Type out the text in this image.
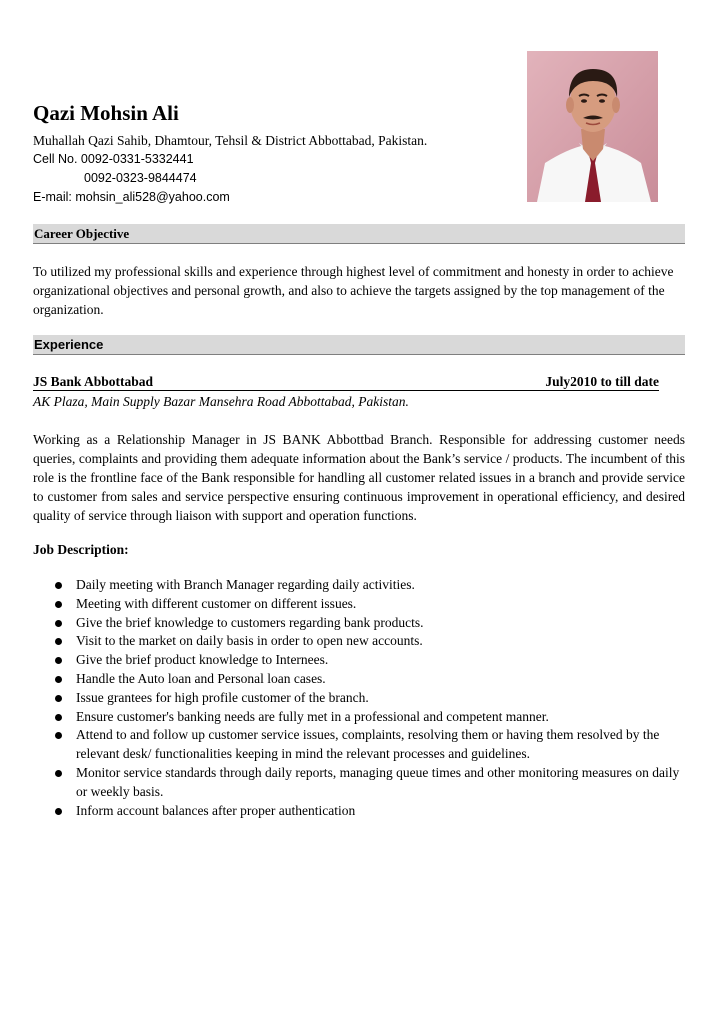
Qazi Mohsin Ali
Muhallah Qazi Sahib, Dhamtour, Tehsil & District Abbottabad, Pakistan.
Cell No. 0092-0331-5332441
0092-0323-9844474
E-mail: mohsin_ali528@yahoo.com
Career Objective

To utilized my professional skills and experience through highest level of commitment and honesty in order to achieve organizational objectives and personal growth, and also to achieve the targets assigned by the top management of the organization.

Experience
JS Bank Abbottabad	July2010 to till date
AK Plaza, Main Supply Bazar Mansehra Road Abbottabad, Pakistan.

Working as a Relationship Manager in JS BANK Abbottbad Branch. Responsible for addressing customer needs queries, complaints and providing them adequate information about the Bank’s service / products. The incumbent of this role is the frontline face of the Bank responsible for handling all customer related issues in a branch and provide service to customer from sales and service perspective ensuring continuous improvement in operational efficiency, and desired quality of service through liaison with support and operation functions.

Job Description:
Daily meeting with Branch Manager regarding daily activities.
Meeting with different customer on different issues.
Give the brief knowledge to customers regarding bank products.
Visit to the market on daily basis in order to open new accounts.
Give the brief product knowledge to Internees.
Handle the Auto loan and Personal loan cases.
Issue grantees for high profile customer of the branch.
Ensure customer's banking needs are fully met in a professional and competent manner.
Attend to and follow up customer service issues, complaints, resolving them or having them resolved by the relevant desk/ functionalities keeping in mind the relevant processes and guidelines.
Monitor service standards through daily reports, managing queue times and other monitoring measures on daily or weekly basis.
Inform account balances after proper authentication
